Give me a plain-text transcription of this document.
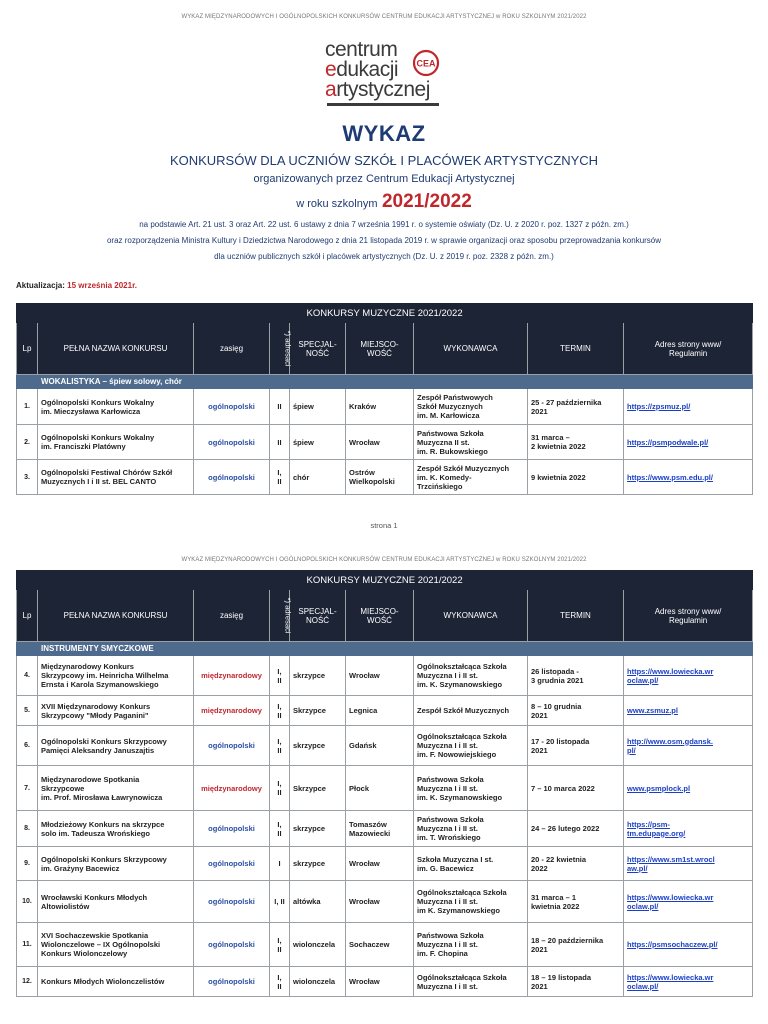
WYKAZ MIĘDZYNARODOWYCH I OGÓLNOPOLSKICH KONKURSÓW CENTRUM EDUKACJI ARTYSTYCZNEJ w ROKU SZKOLNYM 2021/2022
centrum
edukacji
artystycznej
CEA
WYKAZ
KONKURSÓW DLA UCZNIÓW SZKÓŁ I PLACÓWEK ARTYSTYCZNYCH
organizowanych przez Centrum Edukacji Artystycznej
w roku szkolnym 2021/2022
na podstawie Art. 21 ust. 3 oraz Art. 22 ust. 6 ustawy z dnia 7 września 1991 r. o systemie oświaty (Dz. U. z 2020 r. poz. 1327 z późn. zm.)
oraz rozporządzenia Ministra Kultury i Dziedzictwa Narodowego z dnia 21 listopada 2019 r. w sprawie organizacji oraz sposobu przeprowadzania konkursów
dla uczniów publicznych szkół i placówek artystycznych (Dz. U. z 2019 r. poz. 2328 z późn. zm.)
Aktualizacja: 15 września 2021r.
KONKURSY MUZYCZNE 2021/2022								
Lp	PEŁNA NAZWA KONKURSU	zasięg	*) adresaci	SPECJAL-
NOŚĆ	MIEJSCO-
WOŚĆ	WYKONAWCA	TERMIN	Adres strony www/
Regulamin
WOKALISTYKA – śpiew solowy, chór								
1.	Ogólnopolski Konkurs Wokalny
im. Mieczysława Karłowicza	ogólnopolski	II	śpiew	Kraków	Zespół Państwowych
Szkół Muzycznych
im. M. Karłowicza	25 - 27 października
2021	https://zpsmuz.pl/
2.	Ogólnopolski Konkurs Wokalny
im. Franciszki Platówny	ogólnopolski	II	śpiew	Wrocław	Państwowa Szkoła
Muzyczna II st.
im. R. Bukowskiego	31 marca –
2 kwietnia 2022	https://psmpodwale.pl/
3.	Ogólnopolski Festiwal Chórów Szkół
Muzycznych I i II st. BEL CANTO	ogólnopolski	I,
II	chór	Ostrów
Wielkopolski	Zespół Szkół Muzycznych
im. K. Komedy-
Trzcińskiego	9 kwietnia 2022	https://www.psm.edu.pl/
strona 1
WYKAZ MIĘDZYNARODOWYCH I OGÓLNOPOLSKICH KONKURSÓW CENTRUM EDUKACJI ARTYSTYCZNEJ w ROKU SZKOLNYM 2021/2022
KONKURSY MUZYCZNE 2021/2022								
Lp	PEŁNA NAZWA KONKURSU	zasięg	*) adresaci	SPECJAL-
NOŚĆ	MIEJSCO-
WOŚĆ	WYKONAWCA	TERMIN	Adres strony www/
Regulamin
INSTRUMENTY SMYCZKOWE								
4.	Międzynarodowy Konkurs
Skrzypcowy im. Heinricha Wilhelma
Ernsta i Karola Szymanowskiego	międzynarodowy	I,
II	skrzypce	Wrocław	Ogólnokształcąca Szkoła
Muzyczna I i II st.
im. K. Szymanowskiego	26 listopada -
3 grudnia 2021	https://www.lowiecka.wr
oclaw.pl/
5.	XVII Międzynarodowy Konkurs
Skrzypcowy "Młody Paganini"	międzynarodowy	I,
II	Skrzypce	Legnica	Zespół Szkół Muzycznych	8 – 10 grudnia
2021	www.zsmuz.pl
6.	Ogólnopolski Konkurs Skrzypcowy
Pamięci Aleksandry Januszajtis	ogólnopolski	I,
II	skrzypce	Gdańsk	Ogólnokształcąca Szkoła
Muzyczna I i II st.
im. F. Nowowiejskiego	17 - 20 listopada
2021	http://www.osm.gdansk.
pl/
7.	Międzynarodowe Spotkania
Skrzypcowe
im. Prof. Mirosława Ławrynowicza	międzynarodowy	I,
II	Skrzypce	Płock	Państwowa Szkoła
Muzyczna I i II st.
im. K. Szymanowskiego	7 – 10 marca 2022	www.psmplock.pl
8.	Młodzieżowy Konkurs na skrzypce
solo im. Tadeusza Wrońskiego	ogólnopolski	I,
II	skrzypce	Tomaszów
Mazowiecki	Państwowa Szkoła
Muzyczna I i II st.
im. T. Wrońskiego	24 – 26 lutego 2022	https://psm-
tm.edupage.org/
9.	Ogólnopolski Konkurs Skrzypcowy
im. Grażyny Bacewicz	ogólnopolski	I	skrzypce	Wrocław	Szkoła Muzyczna I st.
im. G. Bacewicz	20 - 22 kwietnia
2022	https://www.sm1st.wrocl
aw.pl/
10.	Wrocławski Konkurs Młodych
Altowiolistów	ogólnopolski	I, II	altówka	Wrocław	Ogólnokształcąca Szkoła
Muzyczna I i II st.
im K. Szymanowskiego	31 marca – 1
kwietnia 2022	https://www.lowiecka.wr
oclaw.pl/
11.	XVI Sochaczewskie Spotkania
Wiolonczelowe – IX Ogólnopolski
Konkurs Wiolonczelowy	ogólnopolski	I,
II	wiolonczela	Sochaczew	Państwowa Szkoła
Muzyczna I i II st.
im. F. Chopina	18 – 20 października
2021	https://psmsochaczew.pl/
12.	Konkurs Młodych Wiolonczelistów	ogólnopolski	I,
II	wiolonczela	Wrocław	Ogólnokształcąca Szkoła
Muzyczna I i II st.	18 – 19 listopada
2021	https://www.lowiecka.wr
oclaw.pl/
